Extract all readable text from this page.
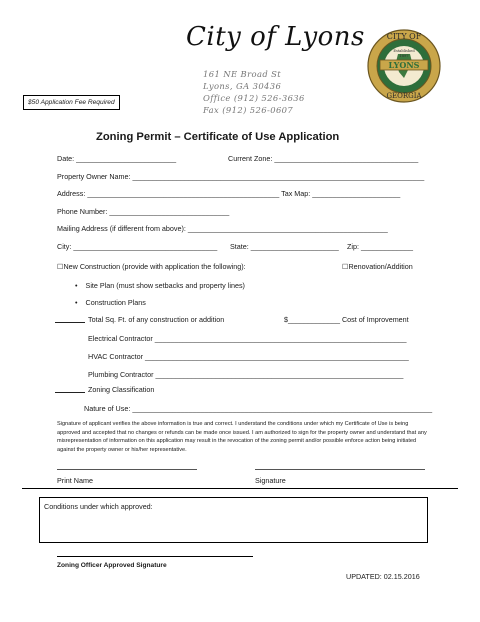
City of Lyons
161 NE Broad St
Lyons, GA 30436
Office (912) 526-3636
Fax (912) 526-0607
CITY OF
LYONS
Established
1897
GEORGIA
$50 Application Fee Required
Zoning Permit – Certificate of Use Application
Date: _________________________	Current Zone: ____________________________________
Property Owner Name: _________________________________________________________________________
Address: ________________________________________________ Tax Map: ______________________
Phone Number: ______________________________
Mailing Address (if different from above): __________________________________________________
City: ____________________________________ State: ______________________ Zip: _____________
☐New Construction (provide with application the following):	☐Renovation/Addition
• Site Plan (must show setbacks and property lines)
• Construction Plans
Total Sq. Ft. of any construction or addition	$_____________ Cost of Improvement
Electrical Contractor _______________________________________________________________
HVAC Contractor __________________________________________________________________
Plumbing Contractor ______________________________________________________________
Zoning Classification
Nature of Use: ___________________________________________________________________________
Signature of applicant verifies the above information is true and correct. I understand the conditions under which my Certificate of Use is being approved and accepted that no changes or refunds can be made once issued. I am authorized to sign for the property owner and understand that any misrepresentation of information on this application may result in the revocation of the zoning permit and/or possible enforce action being initiated against the property owner or his/her representative.
Print Name	Signature
Conditions under which approved:
Zoning Officer Approved Signature
UPDATED: 02.15.2016
